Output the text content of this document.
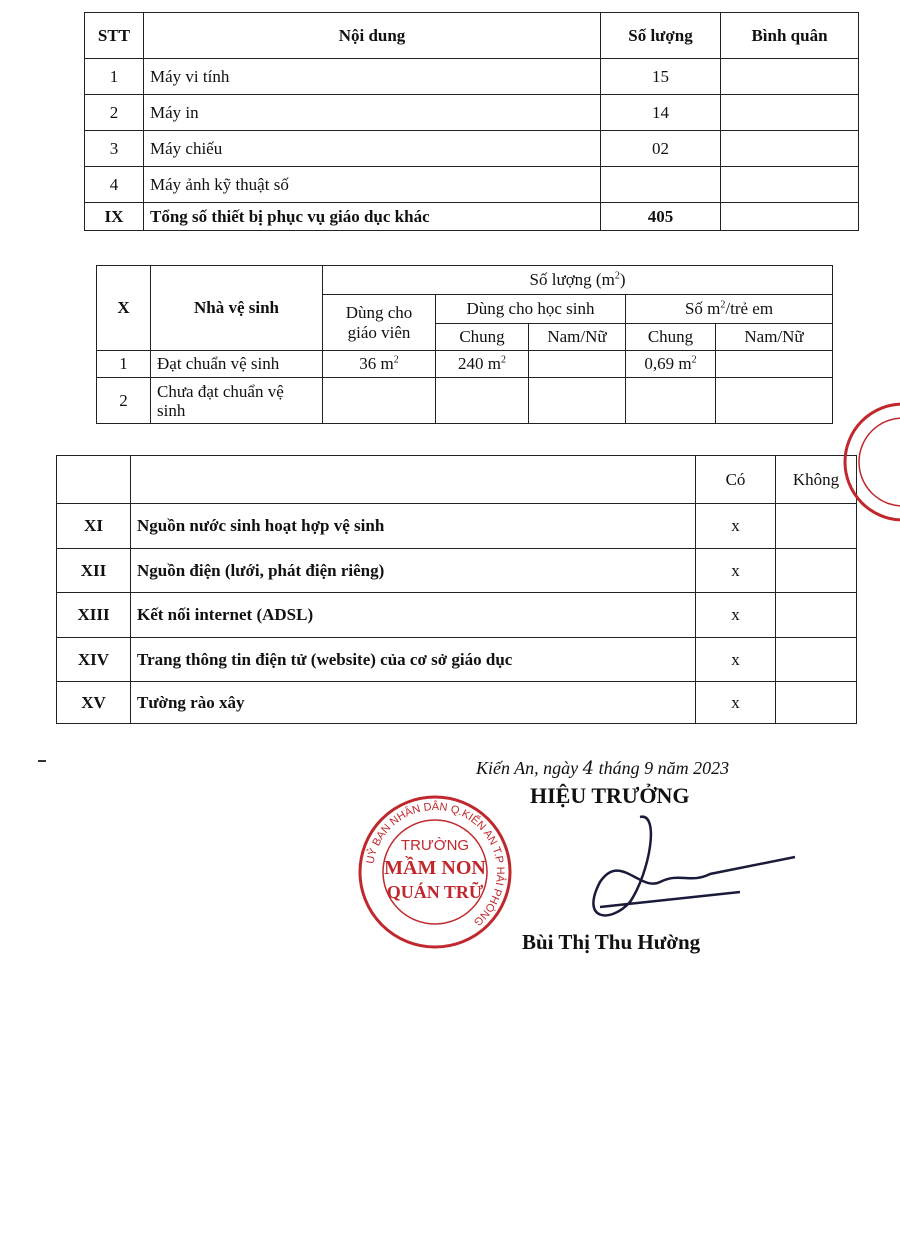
STT	Nội dung	Số lượng	Bình quân
1	Máy vi tính	15	
2	Máy in	14	
3	Máy chiếu	02	
4	Máy ảnh kỹ thuật số		
IX	Tổng số thiết bị phục vụ giáo dục khác	405	
X	Nhà vệ sinh	Số lượng $(m^2)$				
		Dùng cho giáo viên	Dùng cho học sinh		Số $m^2$/trẻ em	
			Chung	Nam/Nữ	Chung	Nam/Nữ
1	Đạt chuẩn vệ sinh	36 $m^2$	240 $m^2$		0,69 $m^2$	
2	Chưa đạt chuẩn vệ sinh					
		Có	Không
XI	Nguồn nước sinh hoạt hợp vệ sinh	x	
XII	Nguồn điện (lưới, phát điện riêng)	x	
XIII	Kết nối internet (ADSL)	x	
XIV	Trang thông tin điện tử (website) của cơ sở giáo dục	x	
XV	Tường rào xây	x	
Kiến An, ngày 4 tháng 9 năm 2023
HIỆU TRƯỞNG
UỶ BAN NHÂN DÂN Q.KIẾN AN T.P HẢI PHÒNG
TRƯỜNG
MẦM NON
QUÁN TRỮ
Bùi Thị Thu Hường
